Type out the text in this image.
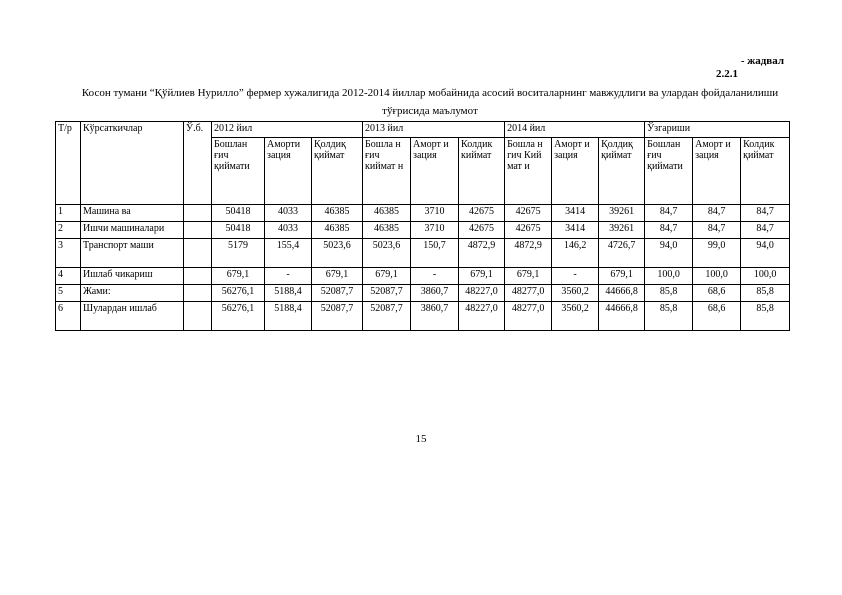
- жадвал
2.2.1
Косон тумани “Қўйлиев Нурилло” фермер хужалигида 2012-2014 йиллар мобайнида асосий воситаларнинг мавжудлиги ва улардан фойдаланилиши тўғрисида маълумот
Т/р	Кўрсаткичлар	Ў.б.	2012 йил			2013 йил			2014 йил			Ўзгариши		
			Бошлан ғич қиймати	Аморти зация	Қолдиқ қиймат	Бошла н ғич киймат н	Аморт и зация	Колдик киймат	Бошла н гич Кий мат и	Аморт и зация	Қолдиқ қиймат	Бошлан ғич қиймати	Аморт и зация	Колдик қиймат
1	Машина ва		50418	4033	46385	46385	3710	42675	42675	3414	39261	84,7	84,7	84,7
2	Ишчи машиналари		50418	4033	46385	46385	3710	42675	42675	3414	39261	84,7	84,7	84,7
3	Транспорт маши		5179	155,4	5023,6	5023,6	150,7	4872,9	4872,9	146,2	4726,7	94,0	99,0	94,0
4	Ишлаб чикариш		679,1	-	679,1	679,1	-	679,1	679,1	-	679,1	100,0	100,0	100,0
5	Жами:		56276,1	5188,4	52087,7	52087,7	3860,7	48227,0	48277,0	3560,2	44666,8	85,8	68,6	85,8
6	Шулардан ишлаб		56276,1	5188,4	52087,7	52087,7	3860,7	48227,0	48277,0	3560,2	44666,8	85,8	68,6	85,8
15
